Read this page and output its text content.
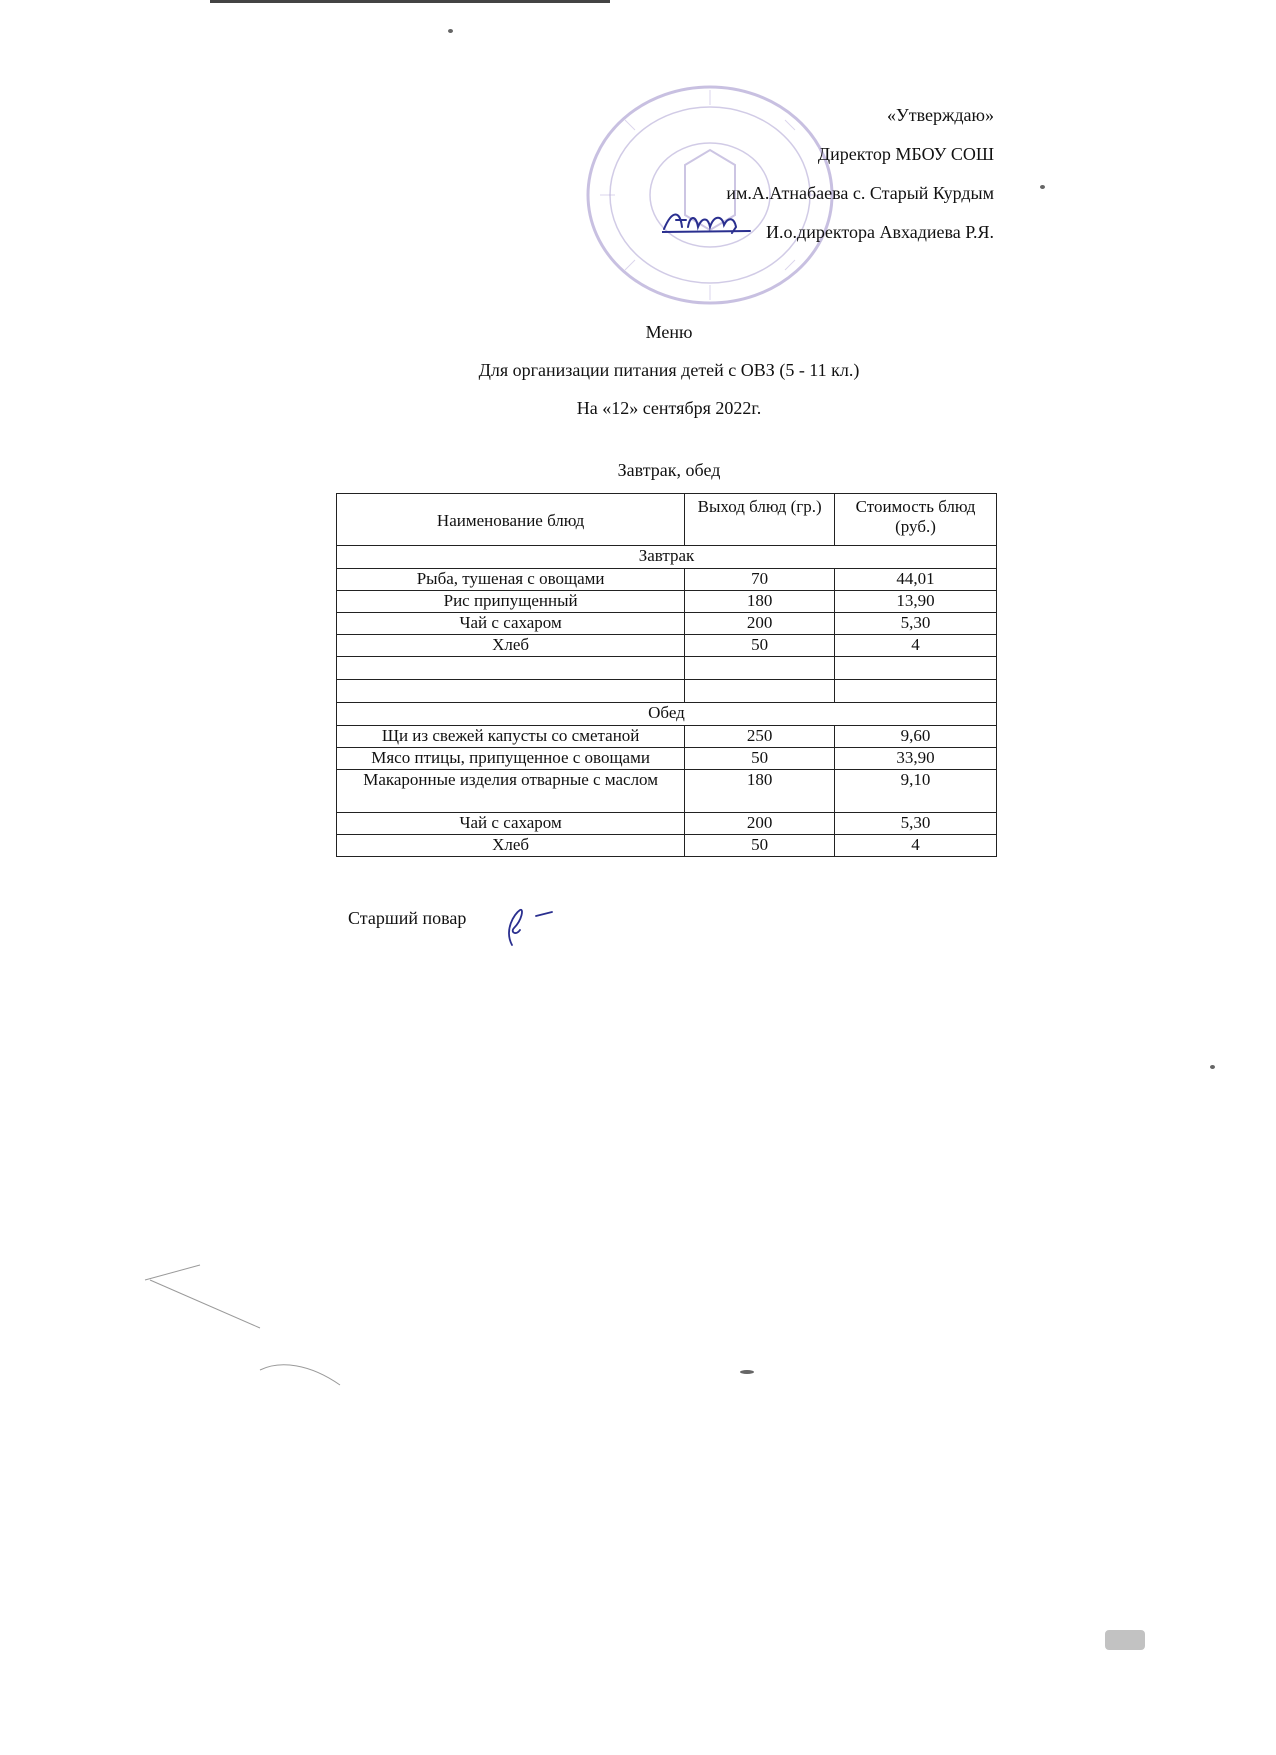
«Утверждаю»
Директор МБОУ СОШ
им.А.Атнабаева с. Старый Курдым
И.о.директора Авхадиева Р.Я.
Меню
Для организации питания детей с ОВЗ (5 - 11 кл.)
На «12» сентября 2022г.
Завтрак, обед
Наименование блюд	Выход блюд (гр.)	Стоимость блюд (руб.)
Завтрак		
Рыба, тушеная с овощами	70	44,01
Рис припущенный	180	13,90
Чай с сахаром	200	5,30
Хлеб	50	4

Обед		
Щи из свежей капусты со сметаной	250	9,60
Мясо птицы, припущенное с овощами	50	33,90
Макаронные изделия отварные с маслом	180	9,10
Чай с сахаром	200	5,30
Хлеб	50	4
Старший повар
